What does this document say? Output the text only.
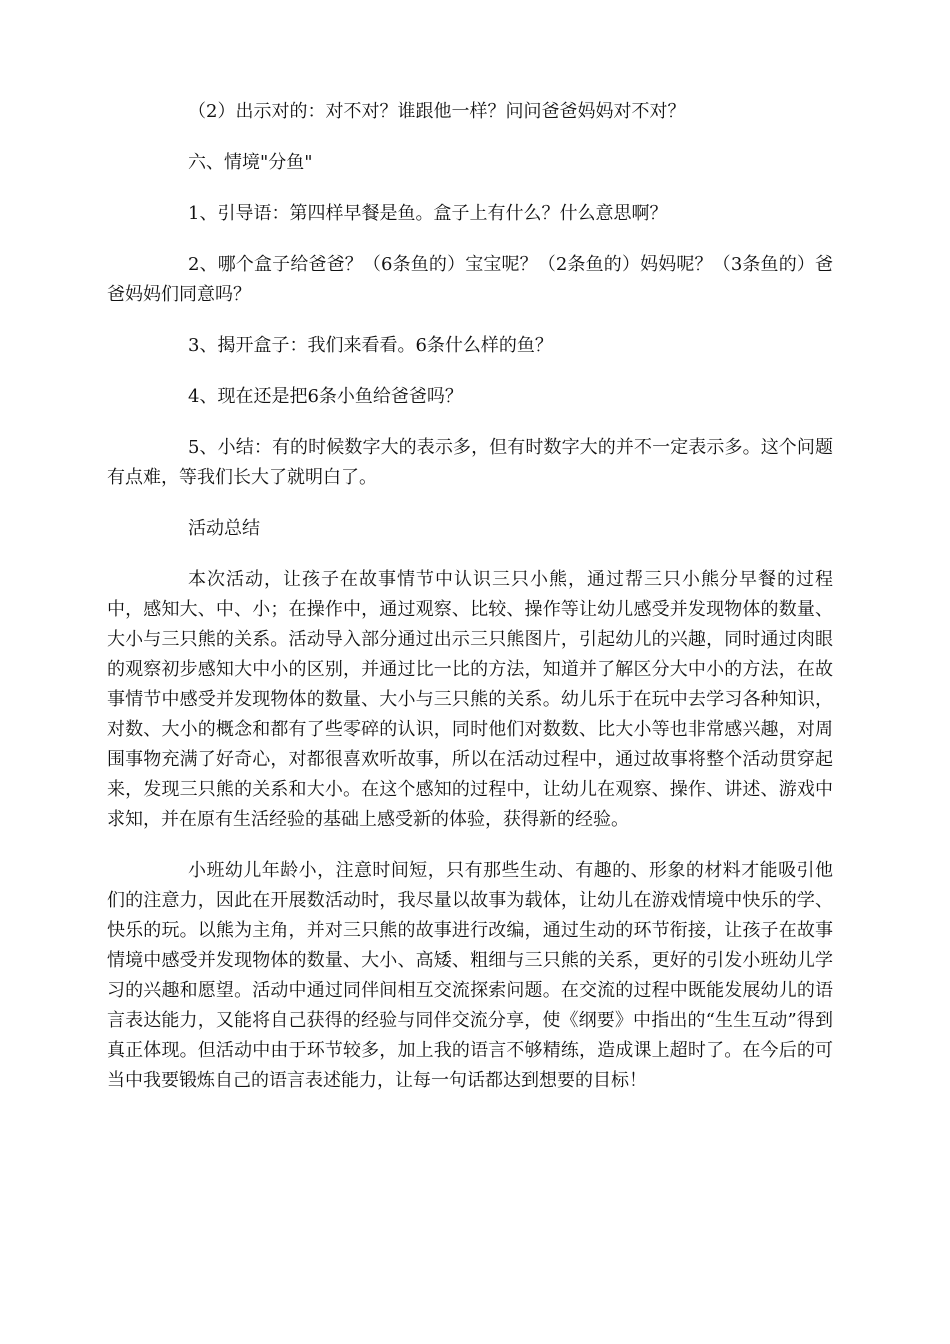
（2）出示对的：对不对？谁跟他一样？问问爸爸妈妈对不对？

六、情境"分鱼"

1、引导语：第四样早餐是鱼。盒子上有什么？什么意思啊？

2、哪个盒子给爸爸？（6条鱼的）宝宝呢？（2条鱼的）妈妈呢？（3条鱼的）爸爸妈妈们同意吗？

3、揭开盒子：我们来看看。6条什么样的鱼？

4、现在还是把6条小鱼给爸爸吗？

5、小结：有的时候数字大的表示多，但有时数字大的并不一定表示多。这个问题有点难，等我们长大了就明白了。

活动总结

本次活动，让孩子在故事情节中认识三只小熊，通过帮三只小熊分早餐的过程中，感知大、中、小；在操作中，通过观察、比较、操作等让幼儿感受并发现物体的数量、大小与三只熊的关系。活动导入部分通过出示三只熊图片，引起幼儿的兴趣，同时通过肉眼的观察初步感知大中小的区别，并通过比一比的方法，知道并了解区分大中小的方法，在故事情节中感受并发现物体的数量、大小与三只熊的关系。幼儿乐于在玩中去学习各种知识，对数、大小的概念和都有了些零碎的认识，同时他们对数数、比大小等也非常感兴趣，对周围事物充满了好奇心，对都很喜欢听故事，所以在活动过程中，通过故事将整个活动贯穿起来，发现三只熊的关系和大小。在这个感知的过程中，让幼儿在观察、操作、讲述、游戏中求知，并在原有生活经验的基础上感受新的体验，获得新的经验。

小班幼儿年龄小，注意时间短，只有那些生动、有趣的、形象的材料才能吸引他们的注意力，因此在开展数活动时，我尽量以故事为载体，让幼儿在游戏情境中快乐的学、快乐的玩。以熊为主角，并对三只熊的故事进行改编，通过生动的环节衔接，让孩子在故事情境中感受并发现物体的数量、大小、高矮、粗细与三只熊的关系，更好的引发小班幼儿学习的兴趣和愿望。活动中通过同伴间相互交流探索问题。在交流的过程中既能发展幼儿的语言表达能力，又能将自己获得的经验与同伴交流分享，使《纲要》中指出的“生生互动”得到真正体现。但活动中由于环节较多，加上我的语言不够精练，造成课上超时了。在今后的可当中我要锻炼自己的语言表述能力，让每一句话都达到想要的目标！
